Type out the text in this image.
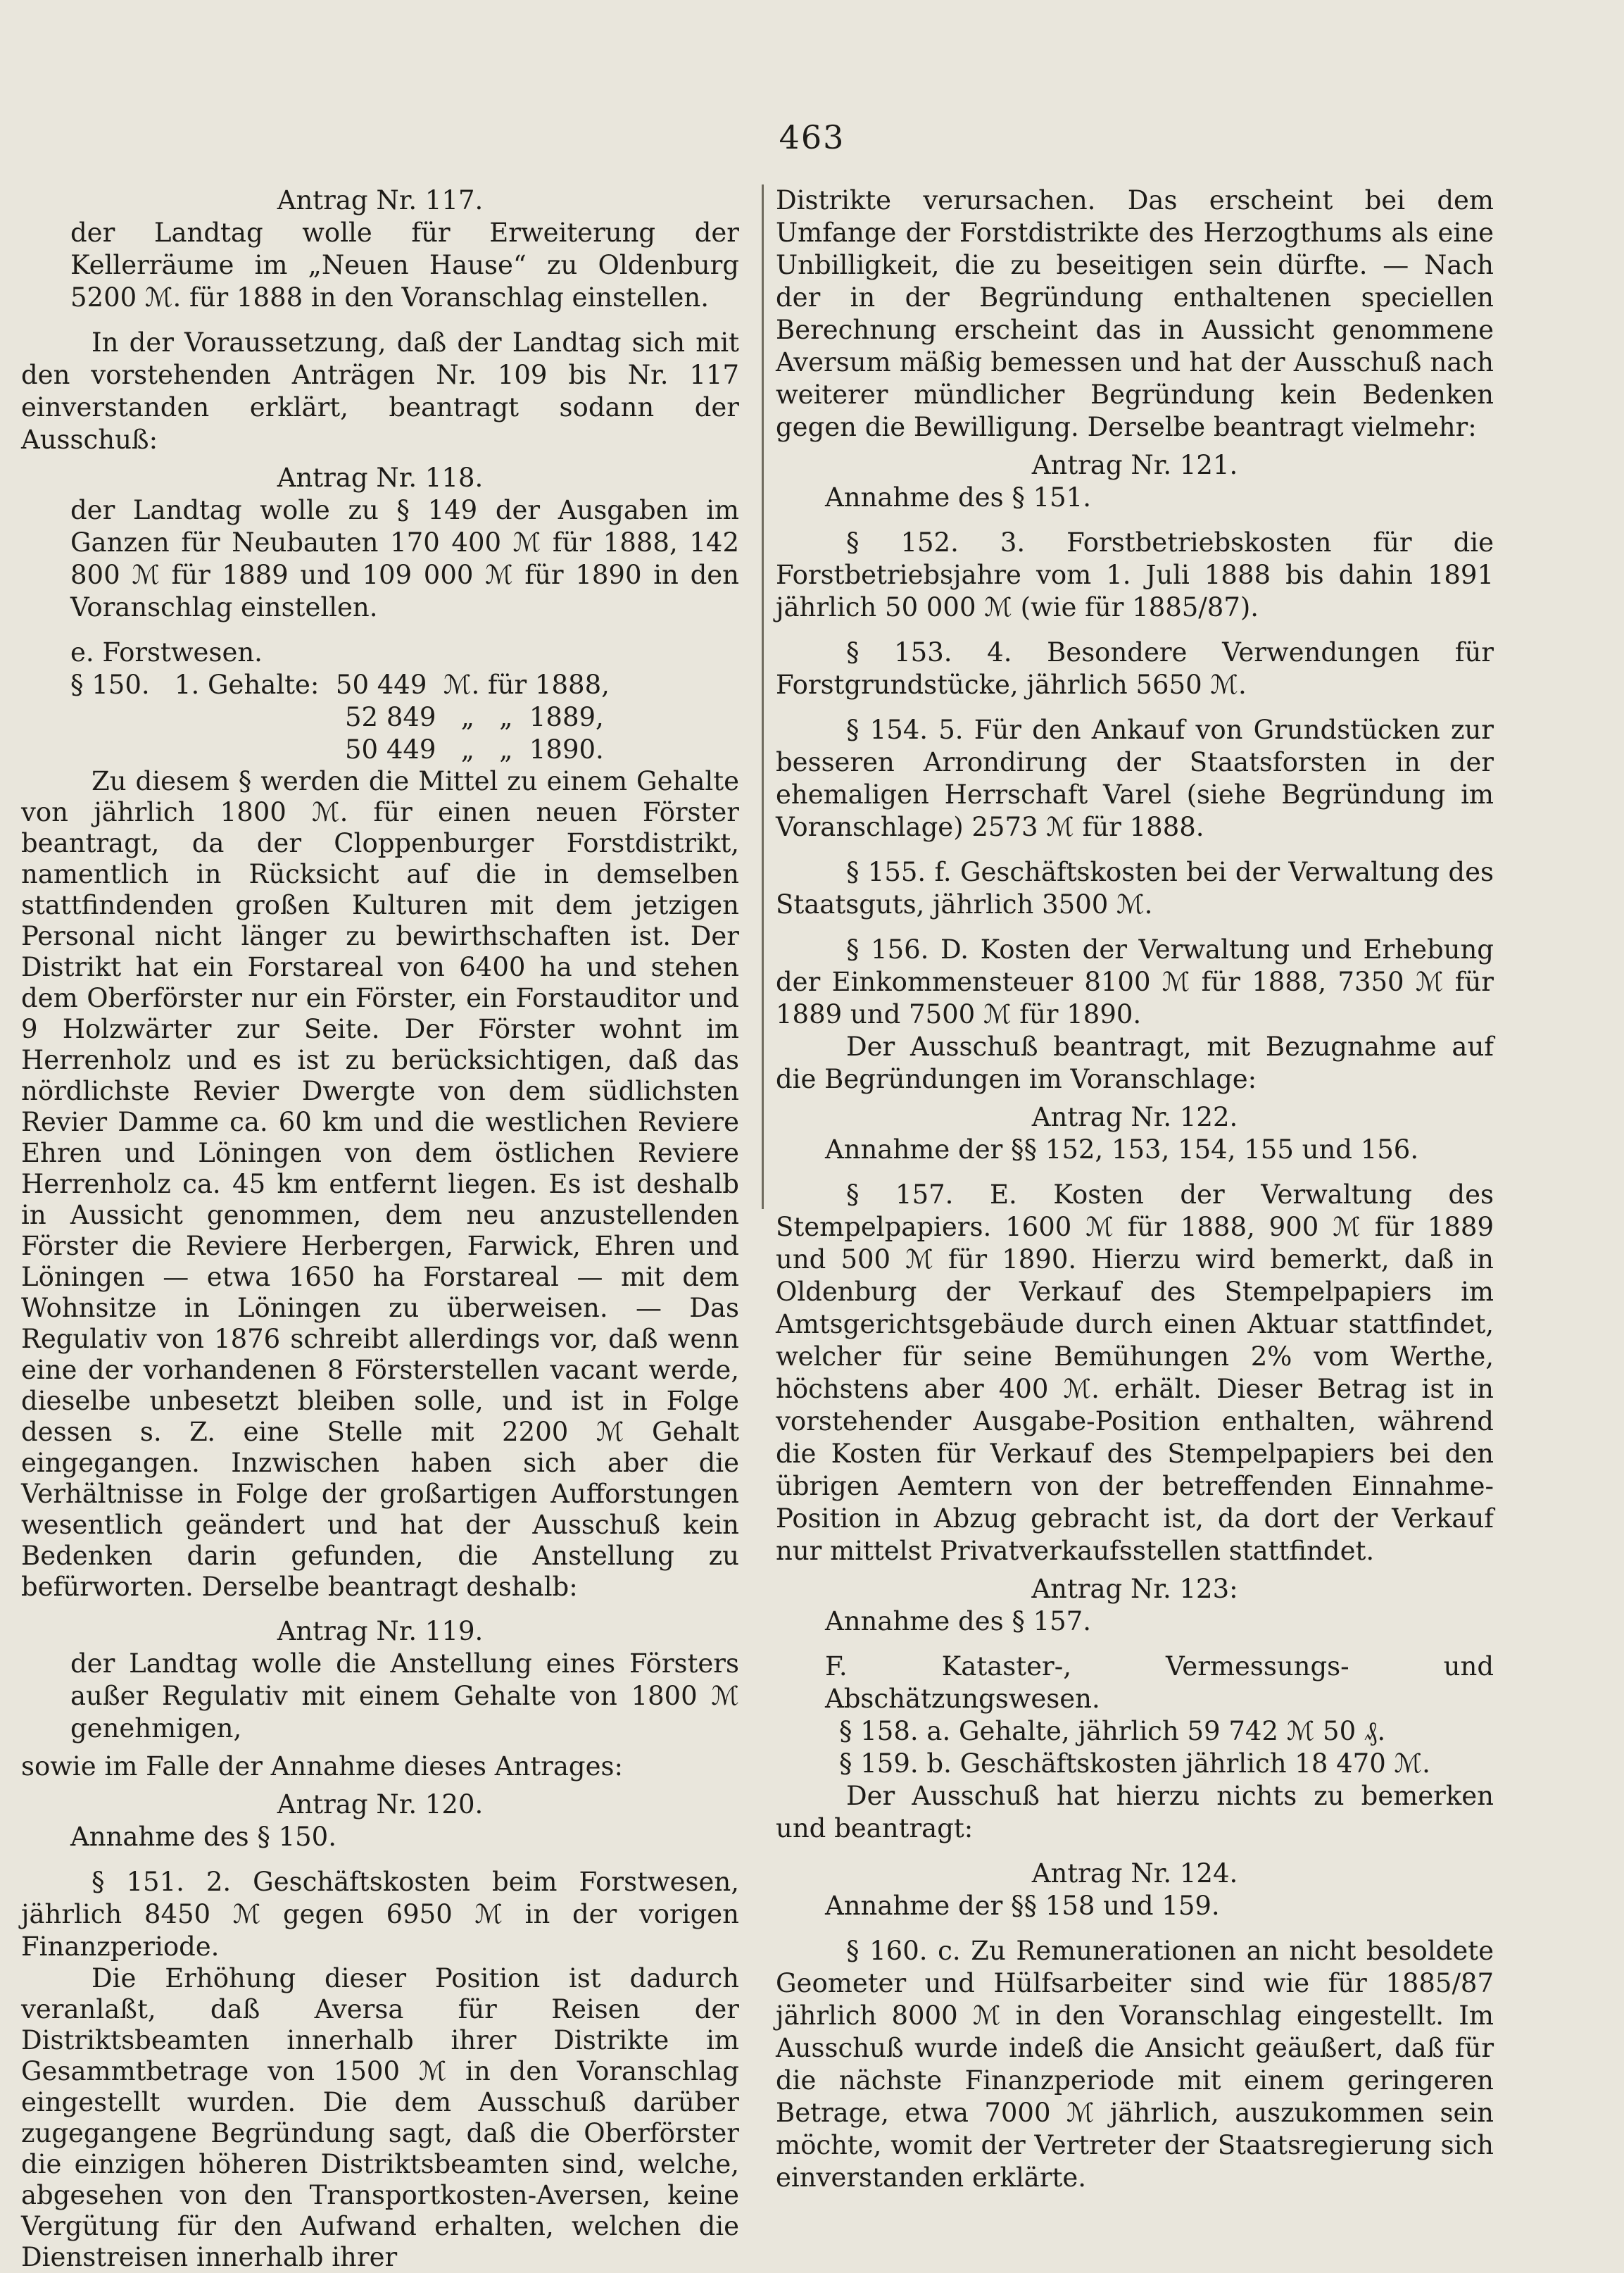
463

Antrag Nr. 117.

der Landtag wolle für Erweiterung der Kellerräume im „Neuen Hause“ zu Oldenburg 5200 ℳ. für 1888 in den Voranschlag einstellen.

In der Voraussetzung, daß der Landtag sich mit den vorstehenden Anträgen Nr. 109 bis Nr. 117 einverstanden erklärt, beantragt sodann der Ausschuß:

Antrag Nr. 118.

der Landtag wolle zu § 149 der Ausgaben im Ganzen für Neubauten 170 400 ℳ für 1888, 142 800 ℳ für 1889 und 109 000 ℳ für 1890 in den Voranschlag einstellen.

e. Forstwesen.

§ 150.   1. Gehalte:  50 449  ℳ. für 1888,

52 849   „   „  1889,

50 449   „   „  1890.

Zu diesem § werden die Mittel zu einem Gehalte von jährlich 1800 ℳ. für einen neuen Förster beantragt, da der Cloppenburger Forstdistrikt, namentlich in Rücksicht auf die in demselben stattfindenden großen Kulturen mit dem jetzigen Personal nicht länger zu bewirthschaften ist. Der Distrikt hat ein Forstareal von 6400 ha und stehen dem Oberförster nur ein Förster, ein Forstauditor und 9 Holzwärter zur Seite. Der Förster wohnt im Herrenholz und es ist zu berücksichtigen, daß das nördlichste Revier Dwergte von dem südlichsten Revier Damme ca. 60 km und die westlichen Reviere Ehren und Löningen von dem östlichen Reviere Herrenholz ca. 45 km entfernt liegen. Es ist deshalb in Aussicht genommen, dem neu anzustellenden Förster die Reviere Herbergen, Farwick, Ehren und Löningen — etwa 1650 ha Forstareal — mit dem Wohnsitze in Löningen zu überweisen. — Das Regulativ von 1876 schreibt allerdings vor, daß wenn eine der vorhandenen 8 Försterstellen vacant werde, dieselbe unbesetzt bleiben solle, und ist in Folge dessen s. Z. eine Stelle mit 2200 ℳ Gehalt eingegangen. Inzwischen haben sich aber die Verhältnisse in Folge der großartigen Aufforstungen wesentlich geändert und hat der Ausschuß kein Bedenken darin gefunden, die Anstellung zu befürworten. Derselbe beantragt deshalb:

Antrag Nr. 119.

der Landtag wolle die Anstellung eines Försters außer Regulativ mit einem Gehalte von 1800 ℳ genehmigen,

sowie im Falle der Annahme dieses Antrages:

Antrag Nr. 120.

Annahme des § 150.

§ 151. 2. Geschäftskosten beim Forstwesen, jährlich 8450 ℳ gegen 6950 ℳ in der vorigen Finanzperiode.

Die Erhöhung dieser Position ist dadurch veranlaßt, daß Aversa für Reisen der Distriktsbeamten innerhalb ihrer Distrikte im Gesammtbetrage von 1500 ℳ in den Voranschlag eingestellt wurden. Die dem Ausschuß darüber zugegangene Begründung sagt, daß die Oberförster die einzigen höheren Distriktsbeamten sind, welche, abgesehen von den Transportkosten-Aversen, keine Vergütung für den Aufwand erhalten, welchen die Dienstreisen innerhalb ihrer

Distrikte verursachen. Das erscheint bei dem Umfange der Forstdistrikte des Herzogthums als eine Unbilligkeit, die zu beseitigen sein dürfte. — Nach der in der Begründung enthaltenen speciellen Berechnung erscheint das in Aussicht genommene Aversum mäßig bemessen und hat der Ausschuß nach weiterer mündlicher Begründung kein Bedenken gegen die Bewilligung. Derselbe beantragt vielmehr:

Antrag Nr. 121.

Annahme des § 151.

§ 152. 3. Forstbetriebskosten für die Forstbetriebsjahre vom 1. Juli 1888 bis dahin 1891 jährlich 50 000 ℳ (wie für 1885/87).

§ 153. 4. Besondere Verwendungen für Forstgrundstücke, jährlich 5650 ℳ.

§ 154. 5. Für den Ankauf von Grundstücken zur besseren Arrondirung der Staatsforsten in der ehemaligen Herrschaft Varel (siehe Begründung im Voranschlage) 2573 ℳ für 1888.

§ 155. f. Geschäftskosten bei der Verwaltung des Staatsguts, jährlich 3500 ℳ.

§ 156. D. Kosten der Verwaltung und Erhebung der Einkommensteuer 8100 ℳ für 1888, 7350 ℳ für 1889 und 7500 ℳ für 1890.

Der Ausschuß beantragt, mit Bezugnahme auf die Begründungen im Voranschlage:

Antrag Nr. 122.

Annahme der §§ 152, 153, 154, 155 und 156.

§ 157. E. Kosten der Verwaltung des Stempelpapiers. 1600 ℳ für 1888, 900 ℳ für 1889 und 500 ℳ für 1890. Hierzu wird bemerkt, daß in Oldenburg der Verkauf des Stempelpapiers im Amtsgerichtsgebäude durch einen Aktuar stattfindet, welcher für seine Bemühungen 2% vom Werthe, höchstens aber 400 ℳ. erhält. Dieser Betrag ist in vorstehender Ausgabe-Position enthalten, während die Kosten für Verkauf des Stempelpapiers bei den übrigen Aemtern von der betreffenden Einnahme-Position in Abzug gebracht ist, da dort der Verkauf nur mittelst Privatverkaufsstellen stattfindet.

Antrag Nr. 123:

Annahme des § 157.

F. Kataster-, Vermessungs- und Abschätzungswesen.

§ 158. a. Gehalte, jährlich 59 742 ℳ 50 ₰.

§ 159. b. Geschäftskosten jährlich 18 470 ℳ.

Der Ausschuß hat hierzu nichts zu bemerken und beantragt:

Antrag Nr. 124.

Annahme der §§ 158 und 159.

§ 160. c. Zu Remunerationen an nicht besoldete Geometer und Hülfsarbeiter sind wie für 1885/87 jährlich 8000 ℳ in den Voranschlag eingestellt. Im Ausschuß wurde indeß die Ansicht geäußert, daß für die nächste Finanzperiode mit einem geringeren Betrage, etwa 7000 ℳ jährlich, auszukommen sein möchte, womit der Vertreter der Staatsregierung sich einverstanden erklärte.
